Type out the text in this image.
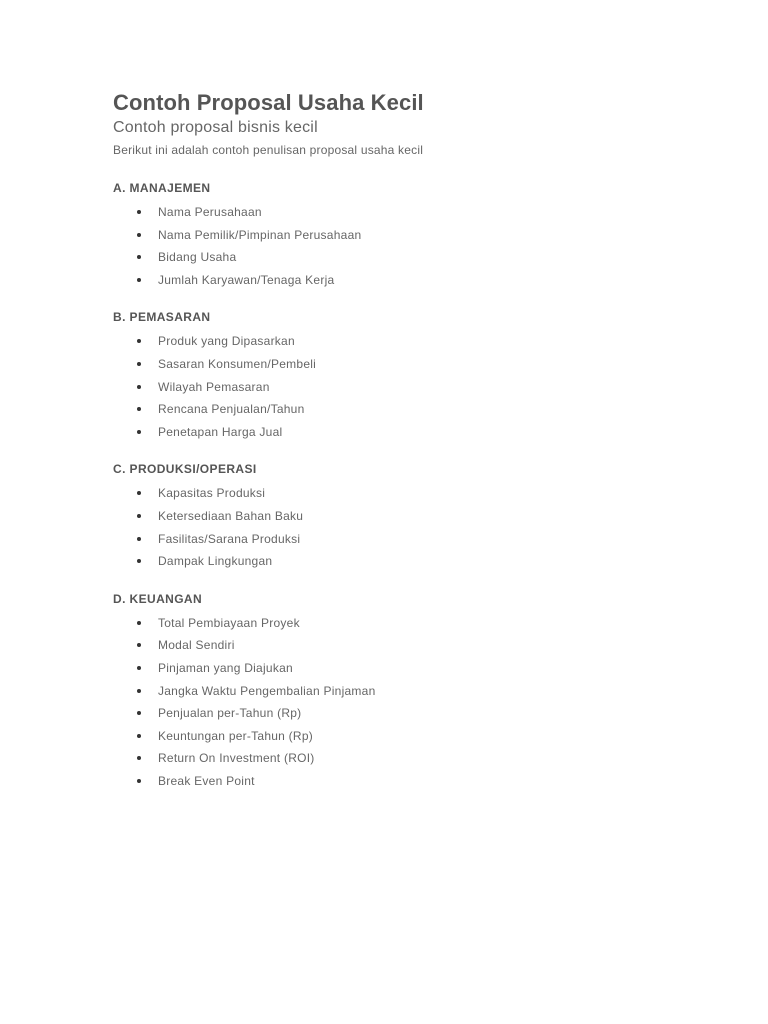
Contoh Proposal Usaha Kecil

Contoh proposal bisnis kecil

Berikut ini adalah contoh penulisan proposal usaha kecil

A. MANAJEMEN
Nama Perusahaan
Nama Pemilik/Pimpinan Perusahaan
Bidang Usaha
Jumlah Karyawan/Tenaga Kerja
B. PEMASARAN
Produk yang Dipasarkan
Sasaran Konsumen/Pembeli
Wilayah Pemasaran
Rencana Penjualan/Tahun
Penetapan Harga Jual
C. PRODUKSI/OPERASI
Kapasitas Produksi
Ketersediaan Bahan Baku
Fasilitas/Sarana Produksi
Dampak Lingkungan
D. KEUANGAN
Total Pembiayaan Proyek
Modal Sendiri
Pinjaman yang Diajukan
Jangka Waktu Pengembalian Pinjaman
Penjualan per-Tahun (Rp)
Keuntungan per-Tahun (Rp)
Return On Investment (ROI)
Break Even Point
